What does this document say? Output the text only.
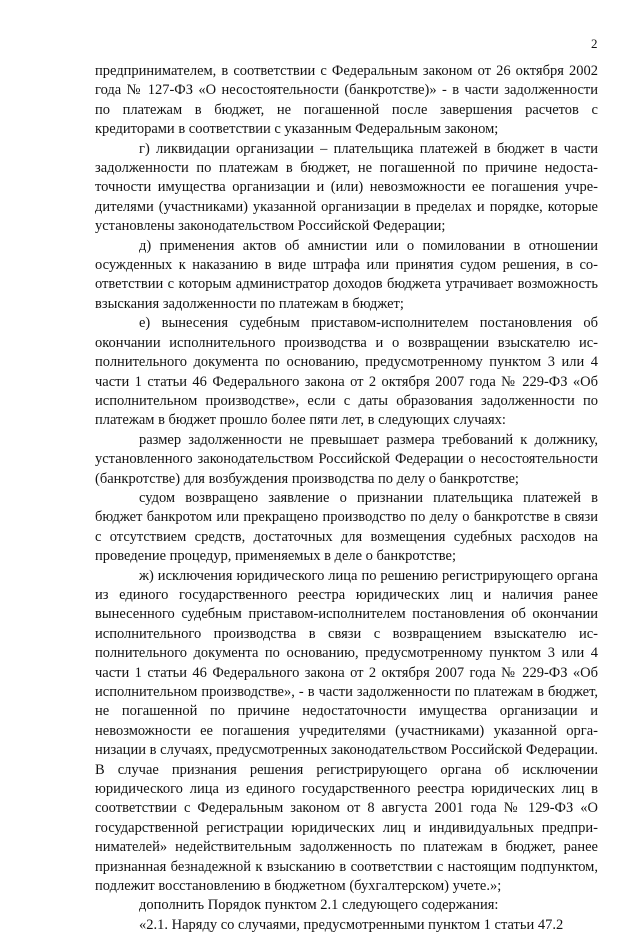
2

предпринимателем, в соответствии с Федеральным законом от 26 октября 2002 года № 127-ФЗ «О несостоятельности (банкротстве)» - в части задолженности по платежам в бюджет, не погашенной после завершения расчетов с кредиторами в соответствии с указанным Федеральным законом;

г) ликвидации организации – плательщика платежей в бюджет в части задолженности по платежам в бюджет, не погашенной по причине недостаточности имущества организации и (или) невозможности ее погашения учредителями (участниками) указанной организации в пределах и порядке, которые установлены законодательством Российской Федерации;

д) применения актов об амнистии или о помиловании в отношении осужденных к наказанию в виде штрафа или принятия судом решения, в соответствии с которым администратор доходов бюджета утрачивает возможность взыскания задолженности по платежам в бюджет;

е) вынесения судебным приставом-исполнителем постановления об окончании исполнительного производства и о возвращении взыскателю исполнительного документа по основанию, предусмотренному пунктом 3 или 4 части 1 статьи 46 Федерального закона от 2 октября 2007 года № 229-ФЗ «Об исполнительном производстве», если с даты образования задолженности по платежам в бюджет прошло более пяти лет, в следующих случаях:

размер задолженности не превышает размера требований к должнику, установленного законодательством Российской Федерации о несостоятельности (банкротстве) для возбуждения производства по делу о банкротстве;

судом возвращено заявление о признании плательщика платежей в бюджет банкротом или прекращено производство по делу о банкротстве в связи с отсутствием средств, достаточных для возмещения судебных расходов на проведение процедур, применяемых в деле о банкротстве;

ж) исключения юридического лица по решению регистрирующего органа из единого государственного реестра юридических лиц и наличия ранее вынесенного судебным приставом-исполнителем постановления об окончании исполнительного производства в связи с возвращением взыскателю исполнительного документа по основанию, предусмотренному пунктом 3 или 4 части 1 статьи 46 Федерального закона от 2 октября 2007 года № 229-ФЗ «Об исполнительном производстве», - в части задолженности по платежам в бюджет, не погашенной по причине недостаточности имущества организации и невозможности ее погашения учредителями (участниками) указанной организации в случаях, предусмотренных законодательством Российской Федерации. В случае признания решения регистрирующего органа об исключении юридического лица из единого государственного реестра юридических лиц в соответствии с Федеральным законом от 8 августа 2001 года № 129-ФЗ «О государственной регистрации юридических лиц и индивидуальных предпринимателей» недействительным задолженность по платежам в бюджет, ранее признанная безнадежной к взысканию в соответствии с настоящим подпунктом, подлежит восстановлению в бюджетном (бухгалтерском) учете.»;

дополнить Порядок пунктом 2.1 следующего содержания:

«2.1. Наряду со случаями, предусмотренными пунктом 1 статьи 47.2
